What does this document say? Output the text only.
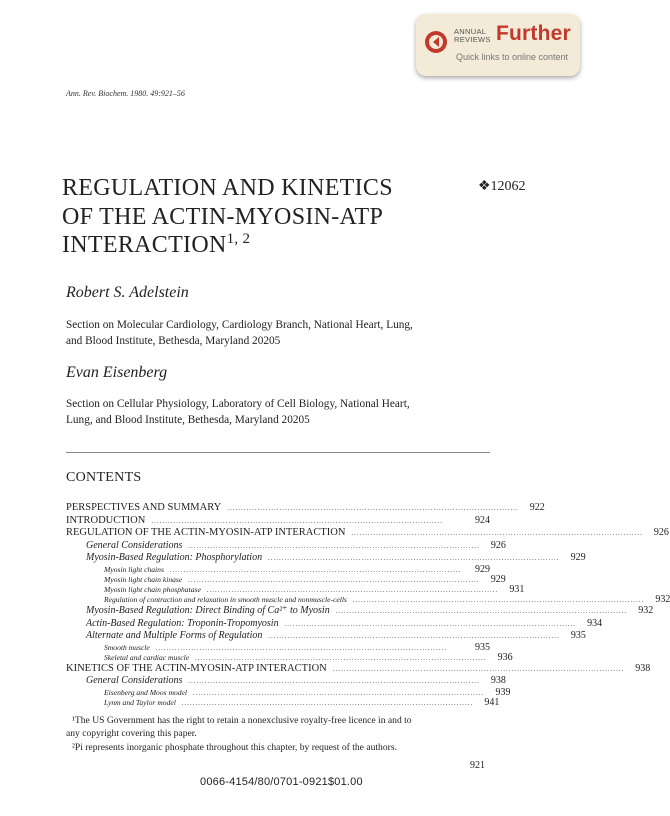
ANNUAL
REVIEWS Further
Quick links to online content
Ann. Rev. Biochem. 1980. 49:921–56
REGULATION AND KINETICS
OF THE ACTIN-MYOSIN-ATP
INTERACTION$^{1, 2}$
❖12062
Robert S. Adelstein
Section on Molecular Cardiology, Cardiology Branch, National Heart, Lung,
and Blood Institute, Bethesda, Maryland 20205
Evan Eisenberg
Section on Cellular Physiology, Laboratory of Cell Biology, National Heart,
Lung, and Blood Institute, Bethesda, Maryland 20205
CONTENTS
PERSPECTIVES AND SUMMARY ..........................................................................................................	922
INTRODUCTION ..........................................................................................................	924
REGULATION OF THE ACTIN-MYOSIN-ATP INTERACTION ..........................................................................................................	926
General Considerations ..........................................................................................................	926
Myosin-Based Regulation: Phosphorylation ..........................................................................................................	929
Myosin light chains ..........................................................................................................	929
Myosin light chain kinase ..........................................................................................................	929
Myosin light chain phosphatase ..........................................................................................................	931
Regulation of contraction and relaxation in smooth muscle and nonmuscle-cells ..........................................................................................................	932
Myosin-Based Regulation: Direct Binding of Ca²⁺ to Myosin ..........................................................................................................	932
Actin-Based Regulation: Troponin-Tropomyosin ..........................................................................................................	934
Alternate and Multiple Forms of Regulation ..........................................................................................................	935
Smooth muscle ..........................................................................................................	935
Skeletal and cardiac muscle ..........................................................................................................	936
KINETICS OF THE ACTIN-MYOSIN-ATP INTERACTION ..........................................................................................................	938
General Considerations ..........................................................................................................	938
Eisenberg and Moos model ..........................................................................................................	939
Lynm and Taylor model ..........................................................................................................	941
¹The US Government has the right to retain a nonexclusive royalty-free licence in and to
any copyright covering this paper.
²Pi represents inorganic phosphate throughout this chapter, by request of the authors.
921
0066-4154/80/0701-0921$01.00
